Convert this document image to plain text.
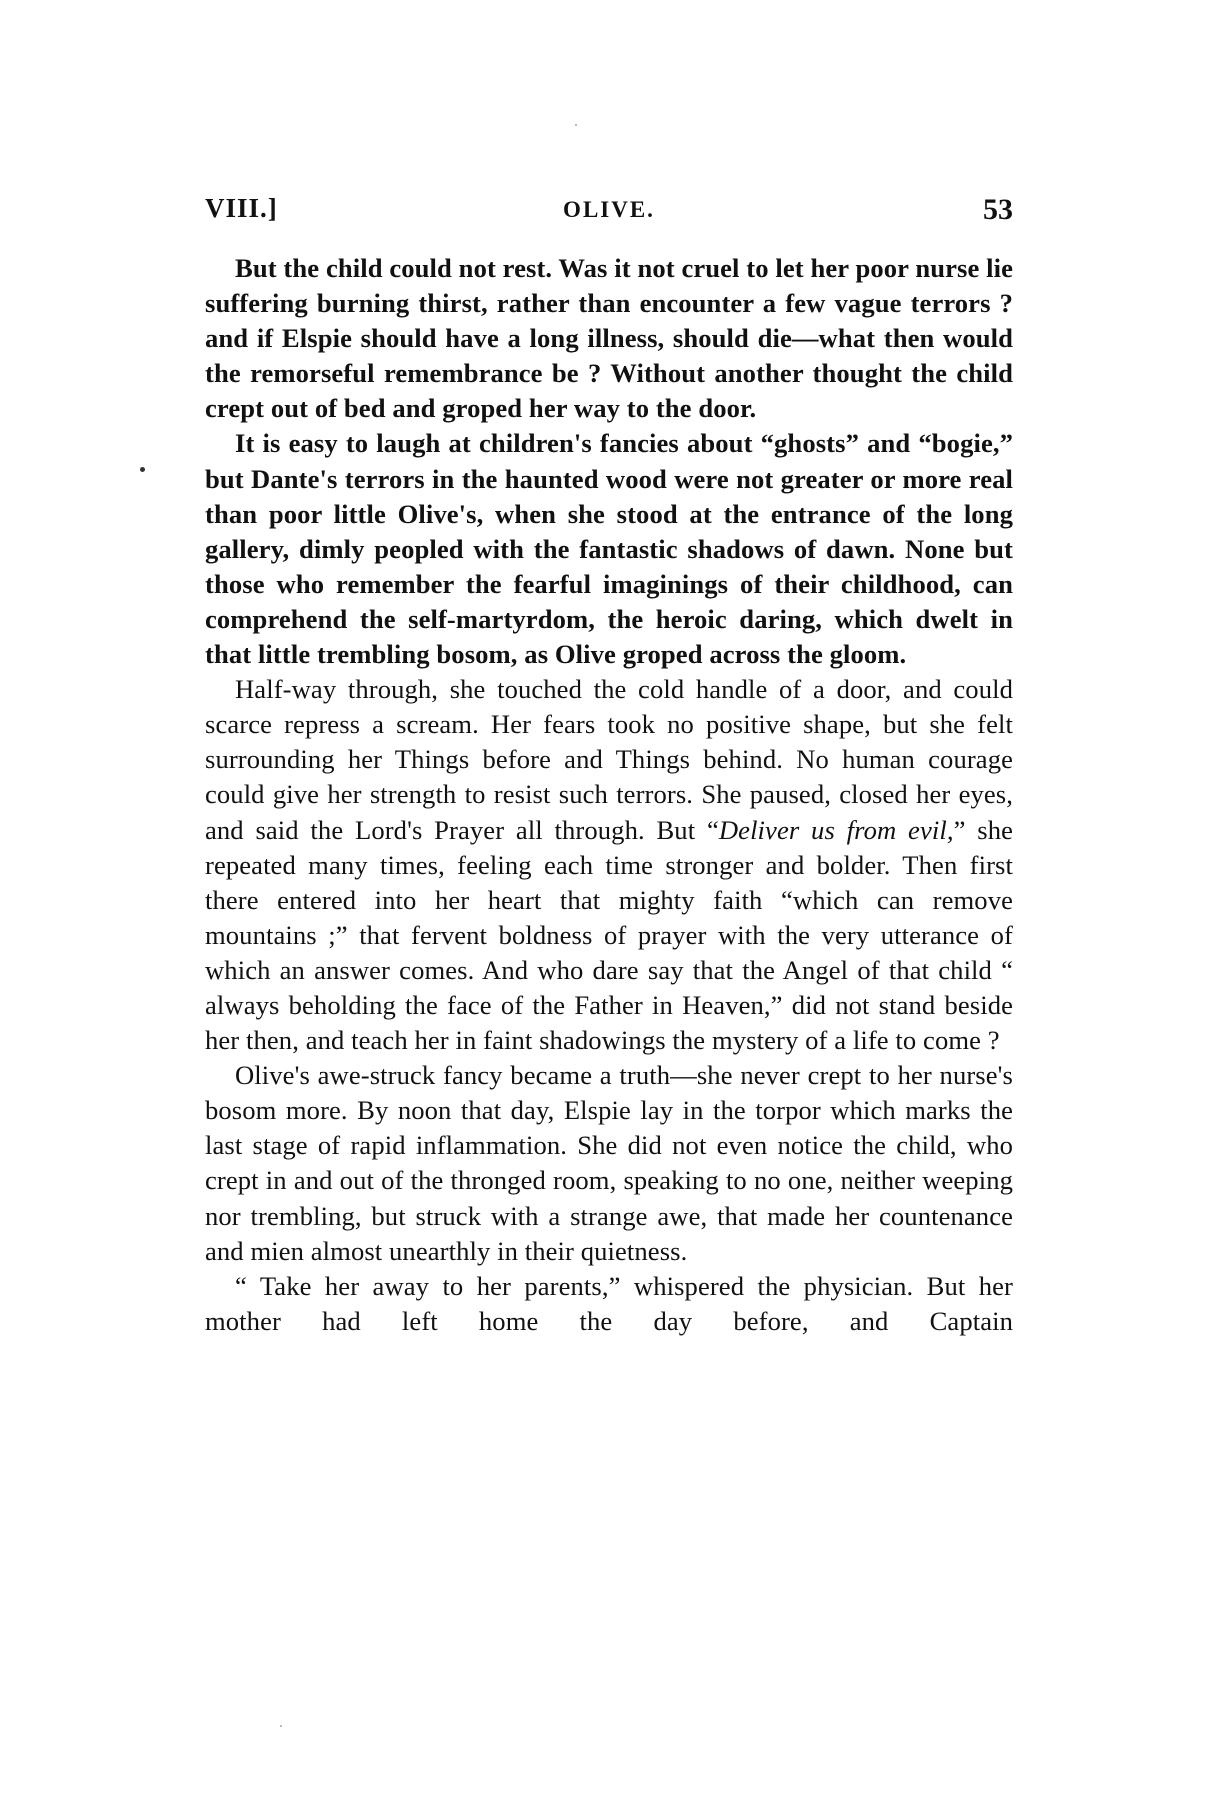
VIII.]	OLIVE.	53

But the child could not rest. Was it not cruel to let her poor nurse lie suffering burning thirst, rather than encounter a few vague terrors ? and if Elspie should have a long illness, should die—what then would the remorseful remembrance be ? Without another thought the child crept out of bed and groped her way to the door.

It is easy to laugh at children's fancies about “ghosts” and “bogie,” but Dante's terrors in the haunted wood were not greater or more real than poor little Olive's, when she stood at the entrance of the long gallery, dimly peopled with the fantastic shadows of dawn. None but those who remember the fearful imaginings of their childhood, can comprehend the self-martyrdom, the heroic daring, which dwelt in that little trembling bosom, as Olive groped across the gloom.

Half-way through, she touched the cold handle of a door, and could scarce repress a scream. Her fears took no positive shape, but she felt surrounding her Things before and Things behind. No human courage could give her strength to resist such terrors. She paused, closed her eyes, and said the Lord's Prayer all through. But “Deliver us from evil,” she repeated many times, feeling each time stronger and bolder. Then first there entered into her heart that mighty faith “which can remove mountains ;” that fervent boldness of prayer with the very utterance of which an answer comes. And who dare say that the Angel of that child “ always beholding the face of the Father in Heaven,” did not stand beside her then, and teach her in faint shadowings the mystery of a life to come ?

Olive's awe-struck fancy became a truth—she never crept to her nurse's bosom more. By noon that day, Elspie lay in the torpor which marks the last stage of rapid inflammation. She did not even notice the child, who crept in and out of the thronged room, speaking to no one, neither weeping nor trembling, but struck with a strange awe, that made her countenance and mien almost unearthly in their quietness.

“ Take her away to her parents,” whispered the physician. But her mother had left home the day before, and Captain
